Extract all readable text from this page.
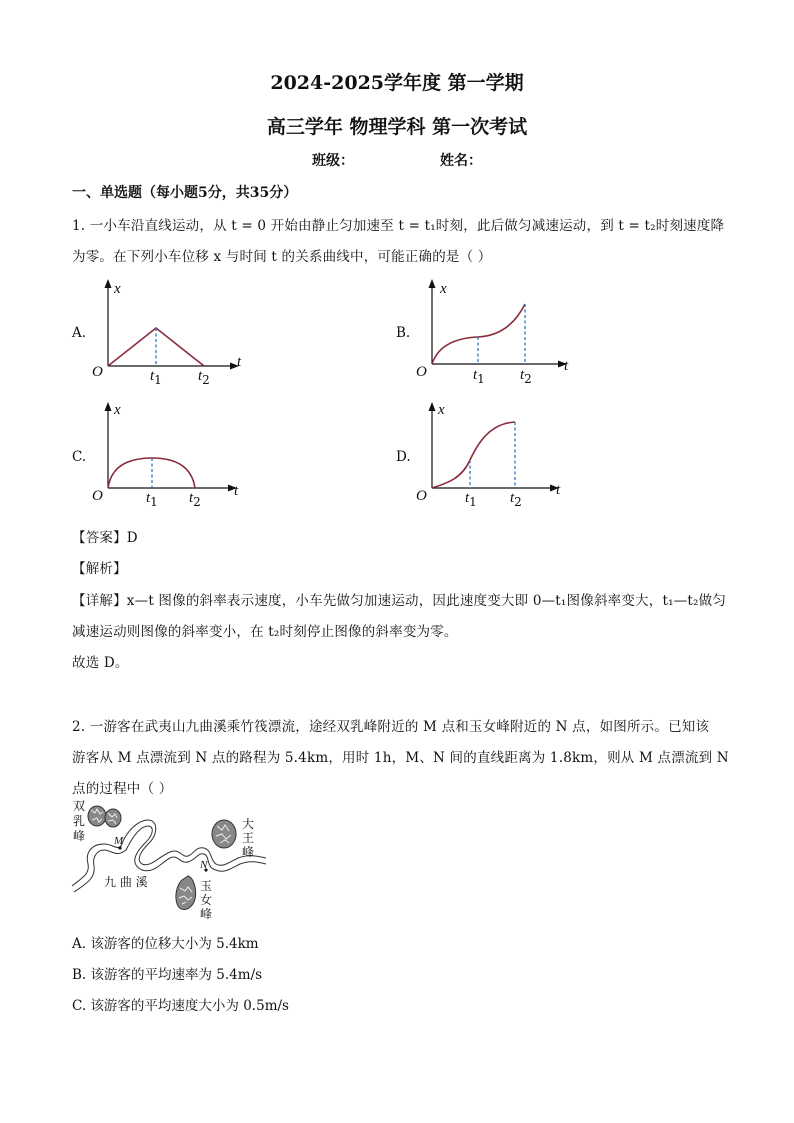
2024-2025学年度 第一学期
高三学年 物理学科 第一次考试
班级：	姓名：
一、单选题（每小题5分，共35分）
1. 一小车沿直线运动，从 t = 0 开始由静止匀加速至 t = t₁时刻，此后做匀减速运动，到 t = t₂时刻速度降
为零。在下列小车位移 x 与时间 t 的关系曲线中，可能正确的是（ ）
A.
x
O
t
$t_1$ $t_2$
B.
x
O	t
$t_1$ $t_2$
C.
x
O	t
$t_1$ $t_2$
D.
x
O	t
$t_1$ $t_2$
【答案】D
【解析】
【详解】x—t 图像的斜率表示速度，小车先做匀加速运动，因此速度变大即 0—t₁图像斜率变大，t₁—t₂做匀
减速运动则图像的斜率变小，在 t₂时刻停止图像的斜率变为零。
故选 D。
2. 一游客在武夷山九曲溪乘竹筏漂流，途经双乳峰附近的 M 点和玉女峰附近的 N 点，如图所示。已知该
游客从 M 点漂流到 N 点的路程为 5.4km，用时 1h，M、N 间的直线距离为 1.8km，则从 M 点漂流到 N
点的过程中（ ）
双
乳
峰
大
王
峰
玉
女
峰
九 曲 溪
M
N
A. 该游客的位移大小为 5.4km
B. 该游客的平均速率为 5.4m/s
C. 该游客的平均速度大小为 0.5m/s
